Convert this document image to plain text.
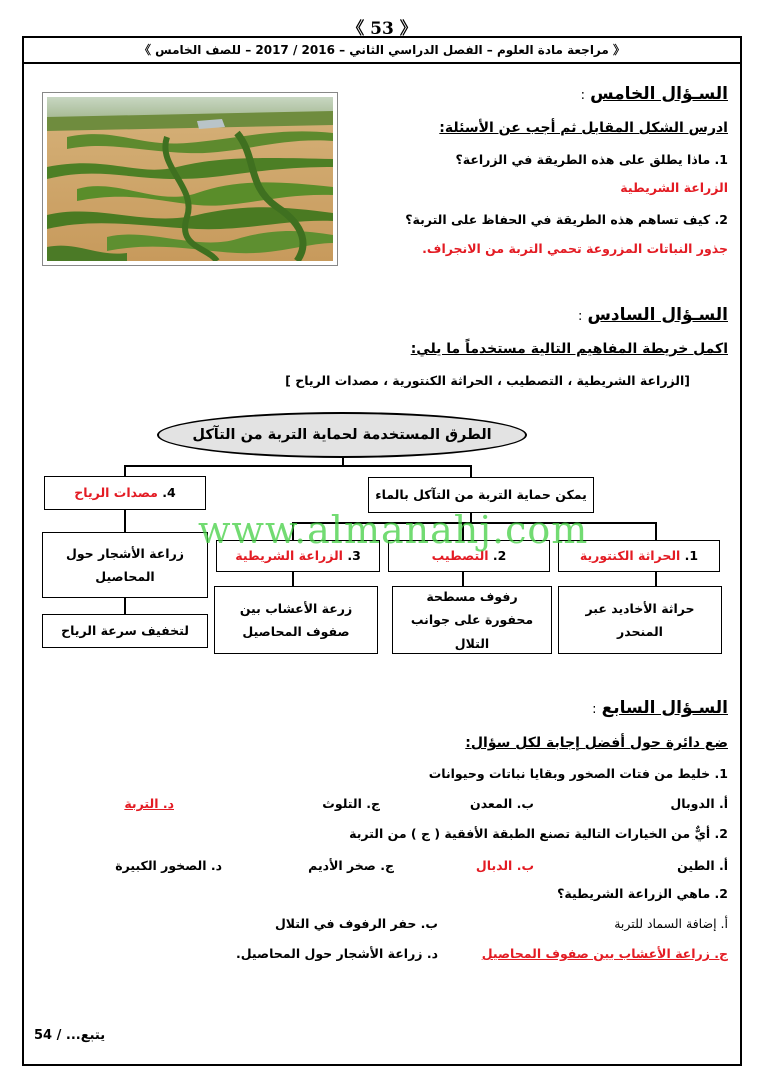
《 53 》
《 مراجعة مادة العلوم – الفصل الدراسي الثاني – 2016 / 2017 – للصف الخامس 》
السـؤال الخامس :
ادرس الشكل المقابل ثم أجب عن الأسئلة:
1. ماذا يطلق على هذه الطريقة في الزراعة؟
الزراعة الشريطية
2. كيف تساهم هذه الطريقة في الحفاظ على التربة؟
جذور النباتات المزروعة تحمي التربة من الانجراف.
السـؤال السادس :
اكمل خريطة المفاهيم التالية مستخدماً ما يلي:
[الزراعة الشريطية ، التصطيب ، الحراثة الكنتورية ، مصدات الرياح ]
الطرق المستخدمة لحماية التربة من التآكل
يمكن حماية التربة من التآكل بالماء
4.

مصدات الرياح
زراعة الأشجار حول المحاصيل
لتخفيف سرعة الرياح
3.

الزراعة الشريطية	2.

التصطيب	1.

الحراثة الكنتورية
زرعة الأعشاب بين صفوف المحاصيل
رفوف مسطحة محفورة على جوانب التلال
حراثة الأخاديد عبر المنحدر
www.almanahj.com
السـؤال السابع :
ضع دائرة حول أفضل إجابة لكل سؤال:
1. خليط من فتات الصخور وبقايا نباتات وحيوانات
أ. الدوبال
ب. المعدن
ج. التلوث
د. التربة
2. أيٌّ من الخيارات التالية تصنع الطبقة الأفقية ( ج ) من التربة
أ. الطين
ب. الدبال
ج. صخر الأديم
د. الصخور الكبيرة
2. ماهي الزراعة الشريطية؟
أ. إضافة السماد للتربة
ب. حفر الرفوف في التلال
ج. زراعة الأعشاب بين صفوف المحاصيل
د. زراعة الأشجار حول المحاصيل.
يتبع... / 54
